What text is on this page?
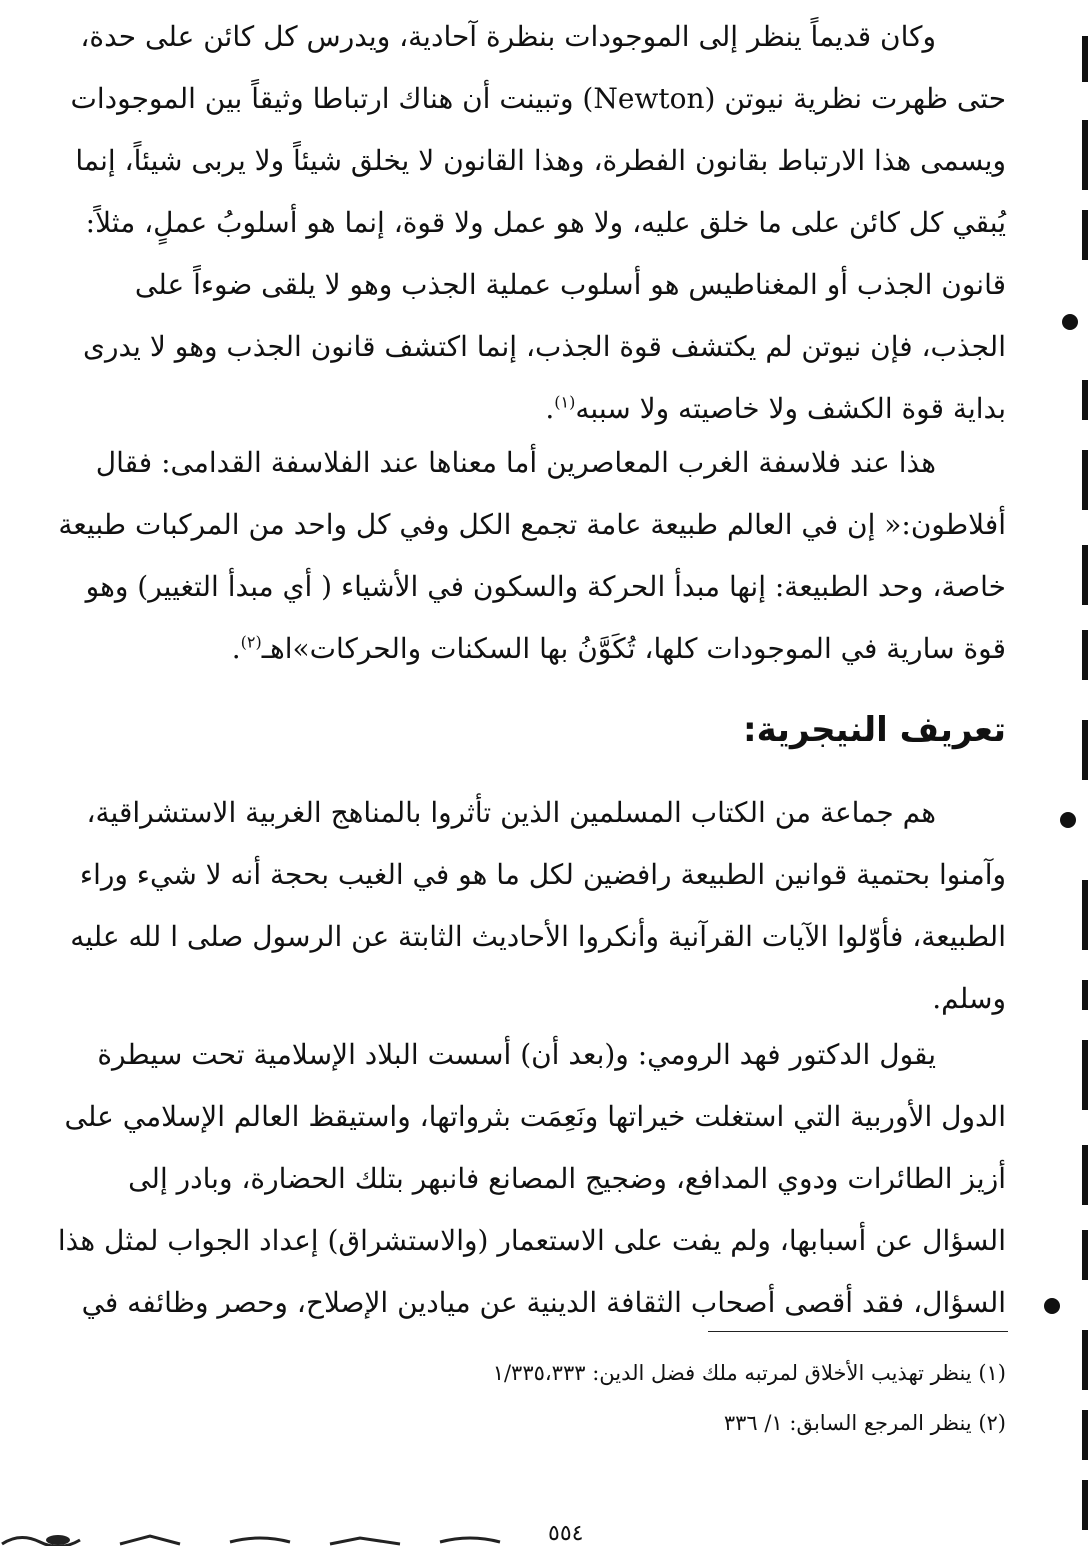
وكان قديماً ينظر إلى الموجودات بنظرة آحادية، ويدرس كل كائن على حدة،
حتى ظهرت نظرية نيوتن (Newton) وتبينت أن هناك ارتباطا وثيقاً بين الموجودات
ويسمى هذا الارتباط بقانون الفطرة، وهذا القانون لا يخلق شيئاً ولا يربى شيئاً، إنما
يُبقي كل كائن على ما خلق عليه، ولا هو عمل ولا قوة، إنما هو أسلوبُ عملٍ، مثلاً:
قانون الجذب أو المغناطيس هو أسلوب عملية الجذب وهو لا يلقى ضوءاً على
الجذب، فإن نيوتن لم يكتشف قوة الجذب، إنما اكتشف قانون الجذب وهو لا يدرى
بداية قوة الكشف ولا خاصيته ولا سببه$^{(١)}$.
هذا عند فلاسفة الغرب المعاصرين أما معناها عند الفلاسفة القدامى: فقال
أفلاطون:« إن في العالم طبيعة عامة تجمع الكل وفي كل واحد من المركبات طبيعة
خاصة، وحد الطبيعة: إنها مبدأ الحركة والسكون في الأشياء ( أي مبدأ التغيير) وهو
قوة سارية في الموجودات كلها، تُكَوَّنُ بها السكنات والحركات»اهـ$^{(٢)}$.
تعريف النيجرية:
هم جماعة من الكتاب المسلمين الذين تأثروا بالمناهج الغربية الاستشراقية،
وآمنوا بحتمية قوانين الطبيعة رافضين لكل ما هو في الغيب بحجة أنه لا شيء وراء
الطبيعة، فأوّلوا الآيات القرآنية وأنكروا الأحاديث الثابتة عن الرسول صلى ا لله عليه
وسلم.
يقول الدكتور فهد الرومي: و(بعد أن) أسست البلاد الإسلامية تحت سيطرة
الدول الأوربية التي استغلت خيراتها ونَعِمَت بثرواتها، واستيقظ العالم الإسلامي على
أزيز الطائرات ودوي المدافع، وضجيج المصانع فانبهر بتلك الحضارة، وبادر إلى
السؤال عن أسبابها، ولم يفت على الاستعمار (والاستشراق) إعداد الجواب لمثل هذا
السؤال، فقد أقصى أصحاب الثقافة الدينية عن ميادين الإصلاح، وحصر وظائفه في
(١) ينظر تهذيب الأخلاق لمرتبه ملك فضل الدين: ١/٣٣٥،٣٣٣
(٢) ينظر المرجع السابق: ١/ ٣٣٦
٥٥٤
